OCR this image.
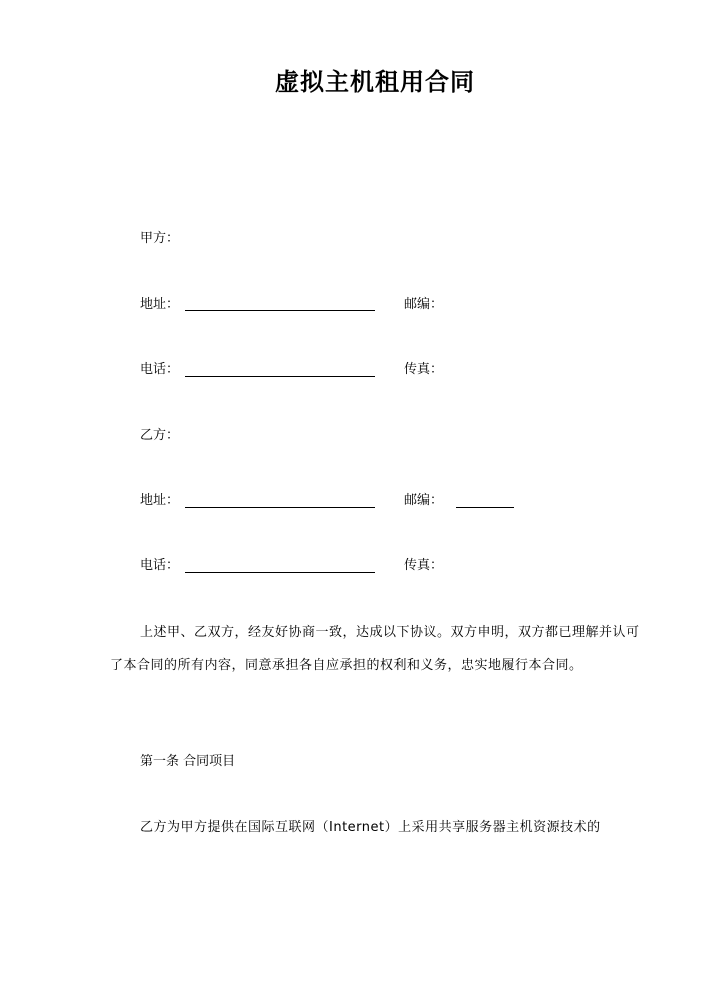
虚拟主机租用合同
甲方：
地址：	邮编：
电话：	传真：
乙方：
地址：	邮编：
电话：	传真：
上述甲、乙双方，经友好协商一致，达成以下协议。双方申明，双方都已理解并认可了本合同的所有内容，同意承担各自应承担的权利和义务，忠实地履行本合同。
第一条 合同项目
乙方为甲方提供在国际互联网（Internet）上采用共享服务器主机资源技术的
